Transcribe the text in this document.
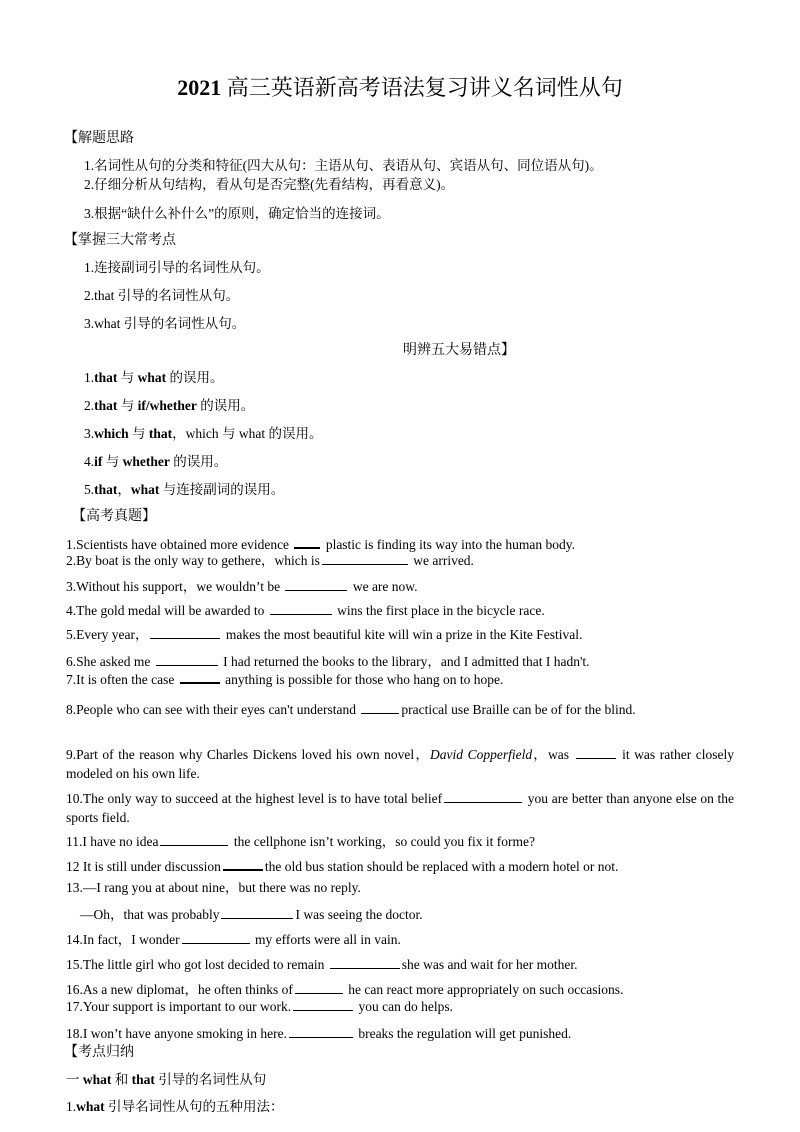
2021 高三英语新高考语法复习讲义名词性从句
【解题思路
1.名词性从句的分类和特征(四大从句：主语从句、表语从句、宾语从句、同位语从句)。
2.仔细分析从句结构，看从句是否完整(先看结构，再看意义)。
3.根据“缺什么补什么”的原则，确定恰当的连接词。
【掌握三大常考点
1.连接副词引导的名词性从句。
2.that 引导的名词性从句。
3.what 引导的名词性从句。
明辨五大易错点】
1.that 与 what 的误用。
2.that 与 if/whether 的误用。
3.which 与 that，which 与 what 的误用。
4.if 与 whether 的误用。
5.that，what 与连接副词的误用。
【高考真题】
1.Scientists have obtained more evidence  plastic is finding its way into the human body.
2.By boat is the only way to gethere，which is	we arrived.
3.Without his support，we wouldn’t be	we are now.
4.The gold medal will be awarded to	wins the first place in the bicycle race.
5.Every year，	makes the most beautiful kite will win a prize in the Kite Festival.
6.She asked me	I had returned the books to the library，and I admitted that I hadn't.
7.It is often the case	anything is possible for those who hang on to hope.
8.People who can see with their eyes can't understand	practical use Braille can be of for the blind.
9.Part of the reason why Charles Dickens loved his own novel，David Copperfield，was	it was rather closely modeled on his own life.
10.The only way to succeed at the highest level is to have total belief	you are better than anyone else on the sports field.
11.I have no idea	the cellphone isn’t working，so could you fix it forme?
12 It is still under discussion	the old bus station should be replaced with a modern hotel or not.
13.—I rang you at about nine，but there was no reply.
—Oh，that was probably	I was seeing the doctor.
14.In fact，I wonder	my efforts were all in vain.
15.The little girl who got lost decided to remain	she was and wait for her mother.
16.As a new diplomat，he often thinks of	he can react more appropriately on such occasions.
17.Your support is important to our work.	you can do helps.
18.I won’t have anyone smoking in here.	breaks the regulation will get punished.
【考点归纳
一 what 和 that 引导的名词性从句
1.what 引导名词性从句的五种用法：
